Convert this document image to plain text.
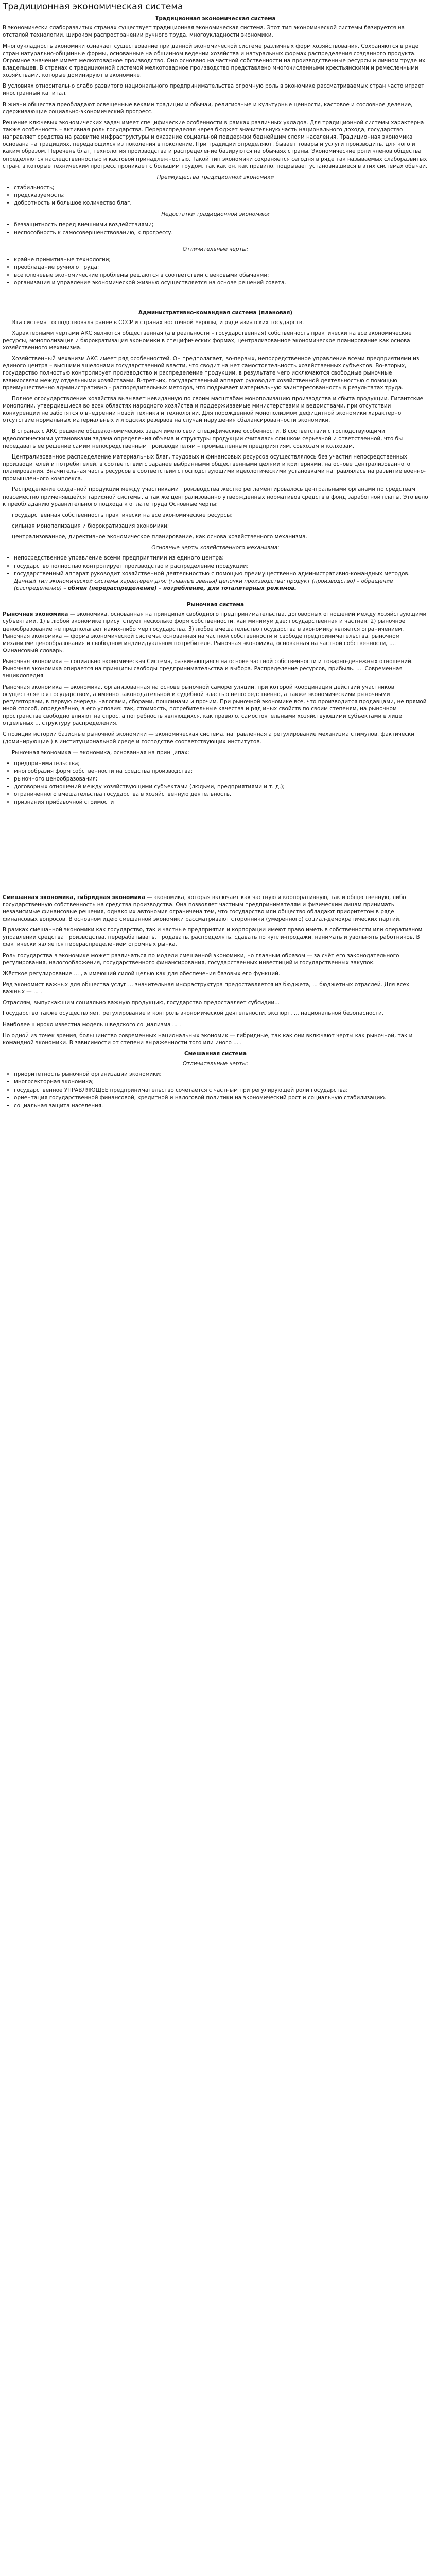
Традиционная экономическая система
Традиционная экономическая система

В экономически слаборазвитых странах существует традиционная экономическая система. Этот тип экономической системы базируется на отсталой технологии, широком распространении ручного труда, многоукладности экономики.

Многоукладность экономики означает существование при данной экономической системе различных форм хозяйствования. Сохраняются в ряде стран натурально-общинные формы, основанные на общинном ведении хозяйства и натуральных формах распределения созданного продукта. Огромное значение имеет мелкотоварное производство. Оно основано на частной собственности на производственные ресурсы и личном труде их владельцев. В странах с традиционной системой мелкотоварное производство представлено многочисленными крестьянскими и ремесленными хозяйствами, которые доминируют в экономике.

В условиях относительно слабо развитого национального предпринимательства огромную роль в экономике рассматриваемых стран часто играет иностранный капитал.

В жизни общества преобладают освещенные веками традиции и обычаи, религиозные и культурные ценности, кастовое и сословное деление, сдерживающие социально-экономический прогресс.

Решение ключевых экономических задач имеет специфические особенности в рамках различных укладов. Для традиционной системы характерна также особенность – активная роль государства. Перераспределяя через бюджет значительную часть национального дохода, государство направляет средства на развитие инфраструктуры и оказание социальной поддержки беднейшим слоям населения. Традиционная экономика основана на традициях, передающихся из поколения в поколение. При традиции определяют, бывает товары и услуги производить, для кого и каким образом. Перечень благ, технология производства и распределение базируются на обычаях страны. Экономические роли членов общества определяются наследственностью и кастовой принадлежностью. Такой тип экономики сохраняется сегодня в ряде так называемых слаборазвитых стран, в которые технический прогресс проникает с большим трудом, так как он, как правило, подрывает установившиеся в этих системах обычаи.

Преимущества традиционной экономики
• стабильность;
• предсказуемость;
• добротность и большое количество благ.
Недостатки традиционной экономики
• беззащитность перед внешними воздействиями;
• неспособность к самосовершенствованию, к прогрессу.
Отличительные черты:
• крайне примитивные технологии;
• преобладание ручного труда;
• все ключевые экономические проблемы решаются в соответствии с вековыми обычаями;
• организация и управление экономической жизнью осуществляется на основе решений совета.
Административно-командная система (плановая)

Эта система господствовала ранее в СССР и странах восточной Европы, и ряде азиатских государств.

Характерными чертами АКС являются общественная (а в реальности – государственная) собственность практически на все экономические ресурсы, монополизация и бюрократизация экономики в специфических формах, централизованное экономическое планирование как основа хозяйственного механизма.

Хозяйственный механизм АКС имеет ряд особенностей. Он предполагает, во-первых, непосредственное управление всеми предприятиями из единого центра – высшими эшелонами государственной власти, что сводит на нет самостоятельность хозяйственных субъектов. Во-вторых, государство полностью контролирует производство и распределение продукции, в результате чего исключаются свободные рыночные взаимосвязи между отдельными хозяйствами. В-третьих, государственный аппарат руководит хозяйственной деятельностью с помощью преимущественно административно – распорядительных методов, что подрывает материальную заинтересованность в результатах труда.

Полное огосударствление хозяйства вызывает невиданную по своим масштабам монополизацию производства и сбыта продукции. Гигантские монополии, утвердившиеся во всех областях народного хозяйства и поддерживаемые министерствами и ведомствами, при отсутствии конкуренции не заботятся о внедрении новой техники и технологии. Для порожденной монополизмом дефицитной экономики характерно отсутствие нормальных материальных и людских резервов на случай нарушения сбалансированности экономики.

В странах с АКС решение общеэкономических задач имело свои специфические особенности. В соответствии с господствующими идеологическими установками задача определения объема и структуры продукции считалась слишком серьезной и ответственной, что бы передавать ее решение самим непосредственным производителям – промышленным предприятиям, совхозам и колхозам.

Централизованное распределение материальных благ, трудовых и финансовых ресурсов осуществлялось без участия непосредственных производителей и потребителей, в соответствии с заранее выбранными общественными целями и критериями, на основе централизованного планирования. Значительная часть ресурсов в соответствии с господствующими идеологическими установками направлялась на развитие военно-промышленного комплекса.

Распределение созданной продукции между участниками производства жестко регламентировалось центральными органами по средствам повсеместно применявшейся тарифной системы, а так же централизованно утвержденных нормативов средств в фонд заработной платы. Это вело к преобладанию уравнительного подхода к оплате труда Основные черты:

государственная собственность практически на все экономические ресурсы;

сильная монополизация и бюрократизация экономики;

централизованное, директивное экономическое планирование, как основа хозяйственного механизма.

Основные черты хозяйственного механизма:
• непосредственное управление всеми предприятиями из единого центра;
• государство полностью контролирует производство и распределение продукции;
• государственный аппарат руководит хозяйственной деятельностью с помощью преимущественно административно-командных методов. Данный тип экономической системы характерен для: (главные звенья) цепочки производства: продукт (производство) – обращение (распределение) – обмен (перераспределение) – потребление, для тоталитарных режимов.
Рыночная система

Рыночная экономика — экономика, основанная на принципах свободного предпринимательства, договорных отношений между хозяйствующими субъектами. 1) в любой экономике присутствует несколько форм собственности, как минимум две: государственная и частная; 2) рыночное ценообразование не предполагает каких-либо мер государства. 3) любое вмешательство государства в экономику является ограничением. Рыночная экономика — форма экономической системы, основанная на частной собственности и свободе предпринимательства, рыночном механизме ценообразования и свободном индивидуальном потребителе. Рыночная экономика, основанная на частной собственности, .... Финансовый словарь.

Рыночная экономика — социально экономическая Система, развивающаяся на основе частной собственности и товарно-денежных отношений. Рыночная экономика опирается на принципы свободы предпринимательства и выбора. Распределение ресурсов, прибыль. .... Современная энциклопедия

Рыночная экономика — экономика, организованная на основе рыночной саморегуляции, при которой координация действий участников осуществляется государством, а именно законодательной и судебной властью непосредственно, а также экономическими рыночными регуляторами, в первую очередь налогами, сборами, пошлинами и прочим. При рыночной экономике все, что производится продавцами, не прямой иной способ, определённо, а его условия: так, стоимость, потребительные качества и ряд иных свойств по своим степеням, на рыночном пространстве свободно влияют на спрос, а потребность являющихся, как правило, самостоятельными хозяйствующими субъектами в лице отдельных ... структуру распределения.

С позиции истории базисные рыночной экономики — экономическая система, направленная а регулирование механизма стимулов, фактически (доминирующие ) в институциональной среде и господстве соответствующих институтов.

Рыночная экономика — экономика, основанная на принципах:

• предпринимательства;
• многообразия форм собственности на средства производства;
• рыночного ценообразования;
• договорных отношений между хозяйствующими субъектами (людьми, предприятиями и т. д.);
• ограниченного вмешательства государства в хозяйственную деятельность.
• признания прибавочной стоимости

Смешанная экономика, гибридная экономика — экономика, которая включает как частную и корпоративную, так и общественную, либо государственную собственность на средства производства. Она позволяет частным предпринимателям и физическим лицам принимать независимые финансовые решения, однако их автономия ограничена тем, что государство или общество обладают приоритетом в ряде финансовых вопросов. В основном идею смешанной экономики рассматривают сторонники (умеренного) социал-демократических партий.

В рамках смешанной экономики как государство, так и частные предприятия и корпорации имеют право иметь в собственности или оперативном управлении средства производства, перерабатывать, продавать, распределять, сдавать по купли-продажи, нанимать и увольнять работников. В фактически является перераспределением огромных рынка.

Роль государства в экономике может различаться по модели смешанной экономики, но главным образом — за счёт его законодательного регулирования, налогообложения, государственного финансирования, государственных инвестиций и государственных закупок.

Жёсткое регулирование ... , а имеющий силой целью как для обеспечения базовых его функций.

Ряд экономист важных для общества услуг ... значительная инфраструктура предоставляется из бюджета, ... бюджетных отраслей. Для всех важных — ... .

Отраслям, выпускающим социально важную продукцию, государство предоставляет субсидии...

Государство также осуществляет, регулирование и контроль экономической деятельности, экспорт, ... национальной безопасности.

Наиболее широко известна модель шведского социализма ... .

По одной из точек зрения, большинство современных национальных экономик — гибридные, так как они включают черты как рыночной, так и командной экономики. В зависимости от степени выраженности того или иного ... .

Смешанная система
Отличительные черты:
• приоритетность рыночной организации экономики;
• многосекторная экономика;
• государственное УПРАВЛЯЮЩЕЕ предпринимательство сочетается с частным при регулирующей роли государства;
• ориентация государственной финансовой, кредитной и налоговой политики на экономический рост и социальную стабилизацию.
• социальная защита населения.
